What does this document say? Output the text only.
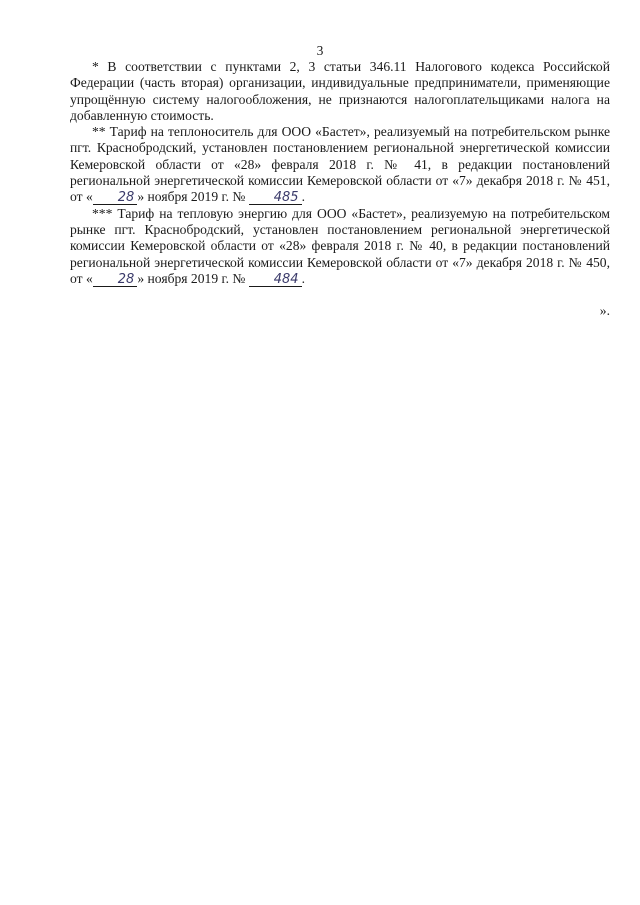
3

* В соответствии с пунктами 2, 3 статьи 346.11 Налогового кодекса Российской Федерации (часть вторая) организации, индивидуальные предприниматели, применяющие упрощённую систему налогообложения, не признаются налогоплательщиками налога на добавленную стоимость.

** Тариф на теплоноситель для ООО «Бастет», реализуемый на потребительском рынке пгт. Краснобродский, установлен постановлением региональной энергетической комиссии Кемеровской области от «28» февраля 2018 г. № 41, в редакции постановлений региональной энергетической комиссии Кемеровской области от «7» декабря 2018 г. № 451, от « 28 » ноября 2019 г. № 485 .

*** Тариф на тепловую энергию для ООО «Бастет», реализуемую на потребительском рынке пгт. Краснобродский, установлен постановлением региональной энергетической комиссии Кемеровской области от «28» февраля 2018 г. № 40, в редакции постановлений региональной энергетической комиссии Кемеровской области от «7» декабря 2018 г. № 450, от « 28 » ноября 2019 г. № 484 .

».
